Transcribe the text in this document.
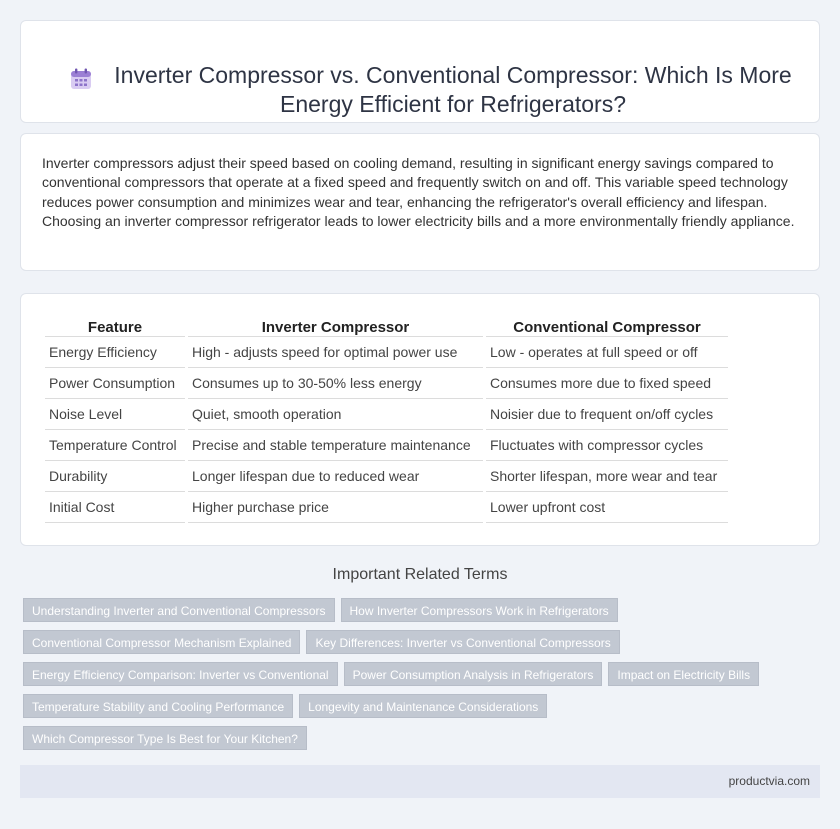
Inverter Compressor vs. Conventional Compressor: Which Is More Energy Efficient for Refrigerators?

Inverter compressors adjust their speed based on cooling demand, resulting in significant energy savings compared to conventional compressors that operate at a fixed speed and frequently switch on and off. This variable speed technology reduces power consumption and minimizes wear and tear, enhancing the refrigerator's overall efficiency and lifespan. Choosing an inverter compressor refrigerator leads to lower electricity bills and a more environmentally friendly appliance.

Feature	Inverter Compressor	Conventional Compressor
Energy Efficiency	High - adjusts speed for optimal power use	Low - operates at full speed or off
Power Consumption	Consumes up to 30-50% less energy	Consumes more due to fixed speed
Noise Level	Quiet, smooth operation	Noisier due to frequent on/off cycles
Temperature Control	Precise and stable temperature maintenance	Fluctuates with compressor cycles
Durability	Longer lifespan due to reduced wear	Shorter lifespan, more wear and tear
Initial Cost	Higher purchase price	Lower upfront cost
Important Related Terms
Understanding Inverter and Conventional Compressors	How Inverter Compressors Work in Refrigerators
Conventional Compressor Mechanism Explained	Key Differences: Inverter vs Conventional Compressors
Energy Efficiency Comparison: Inverter vs Conventional	Power Consumption Analysis in Refrigerators	Impact on Electricity Bills
Temperature Stability and Cooling Performance	Longevity and Maintenance Considerations
Which Compressor Type Is Best for Your Kitchen?
productvia.com
